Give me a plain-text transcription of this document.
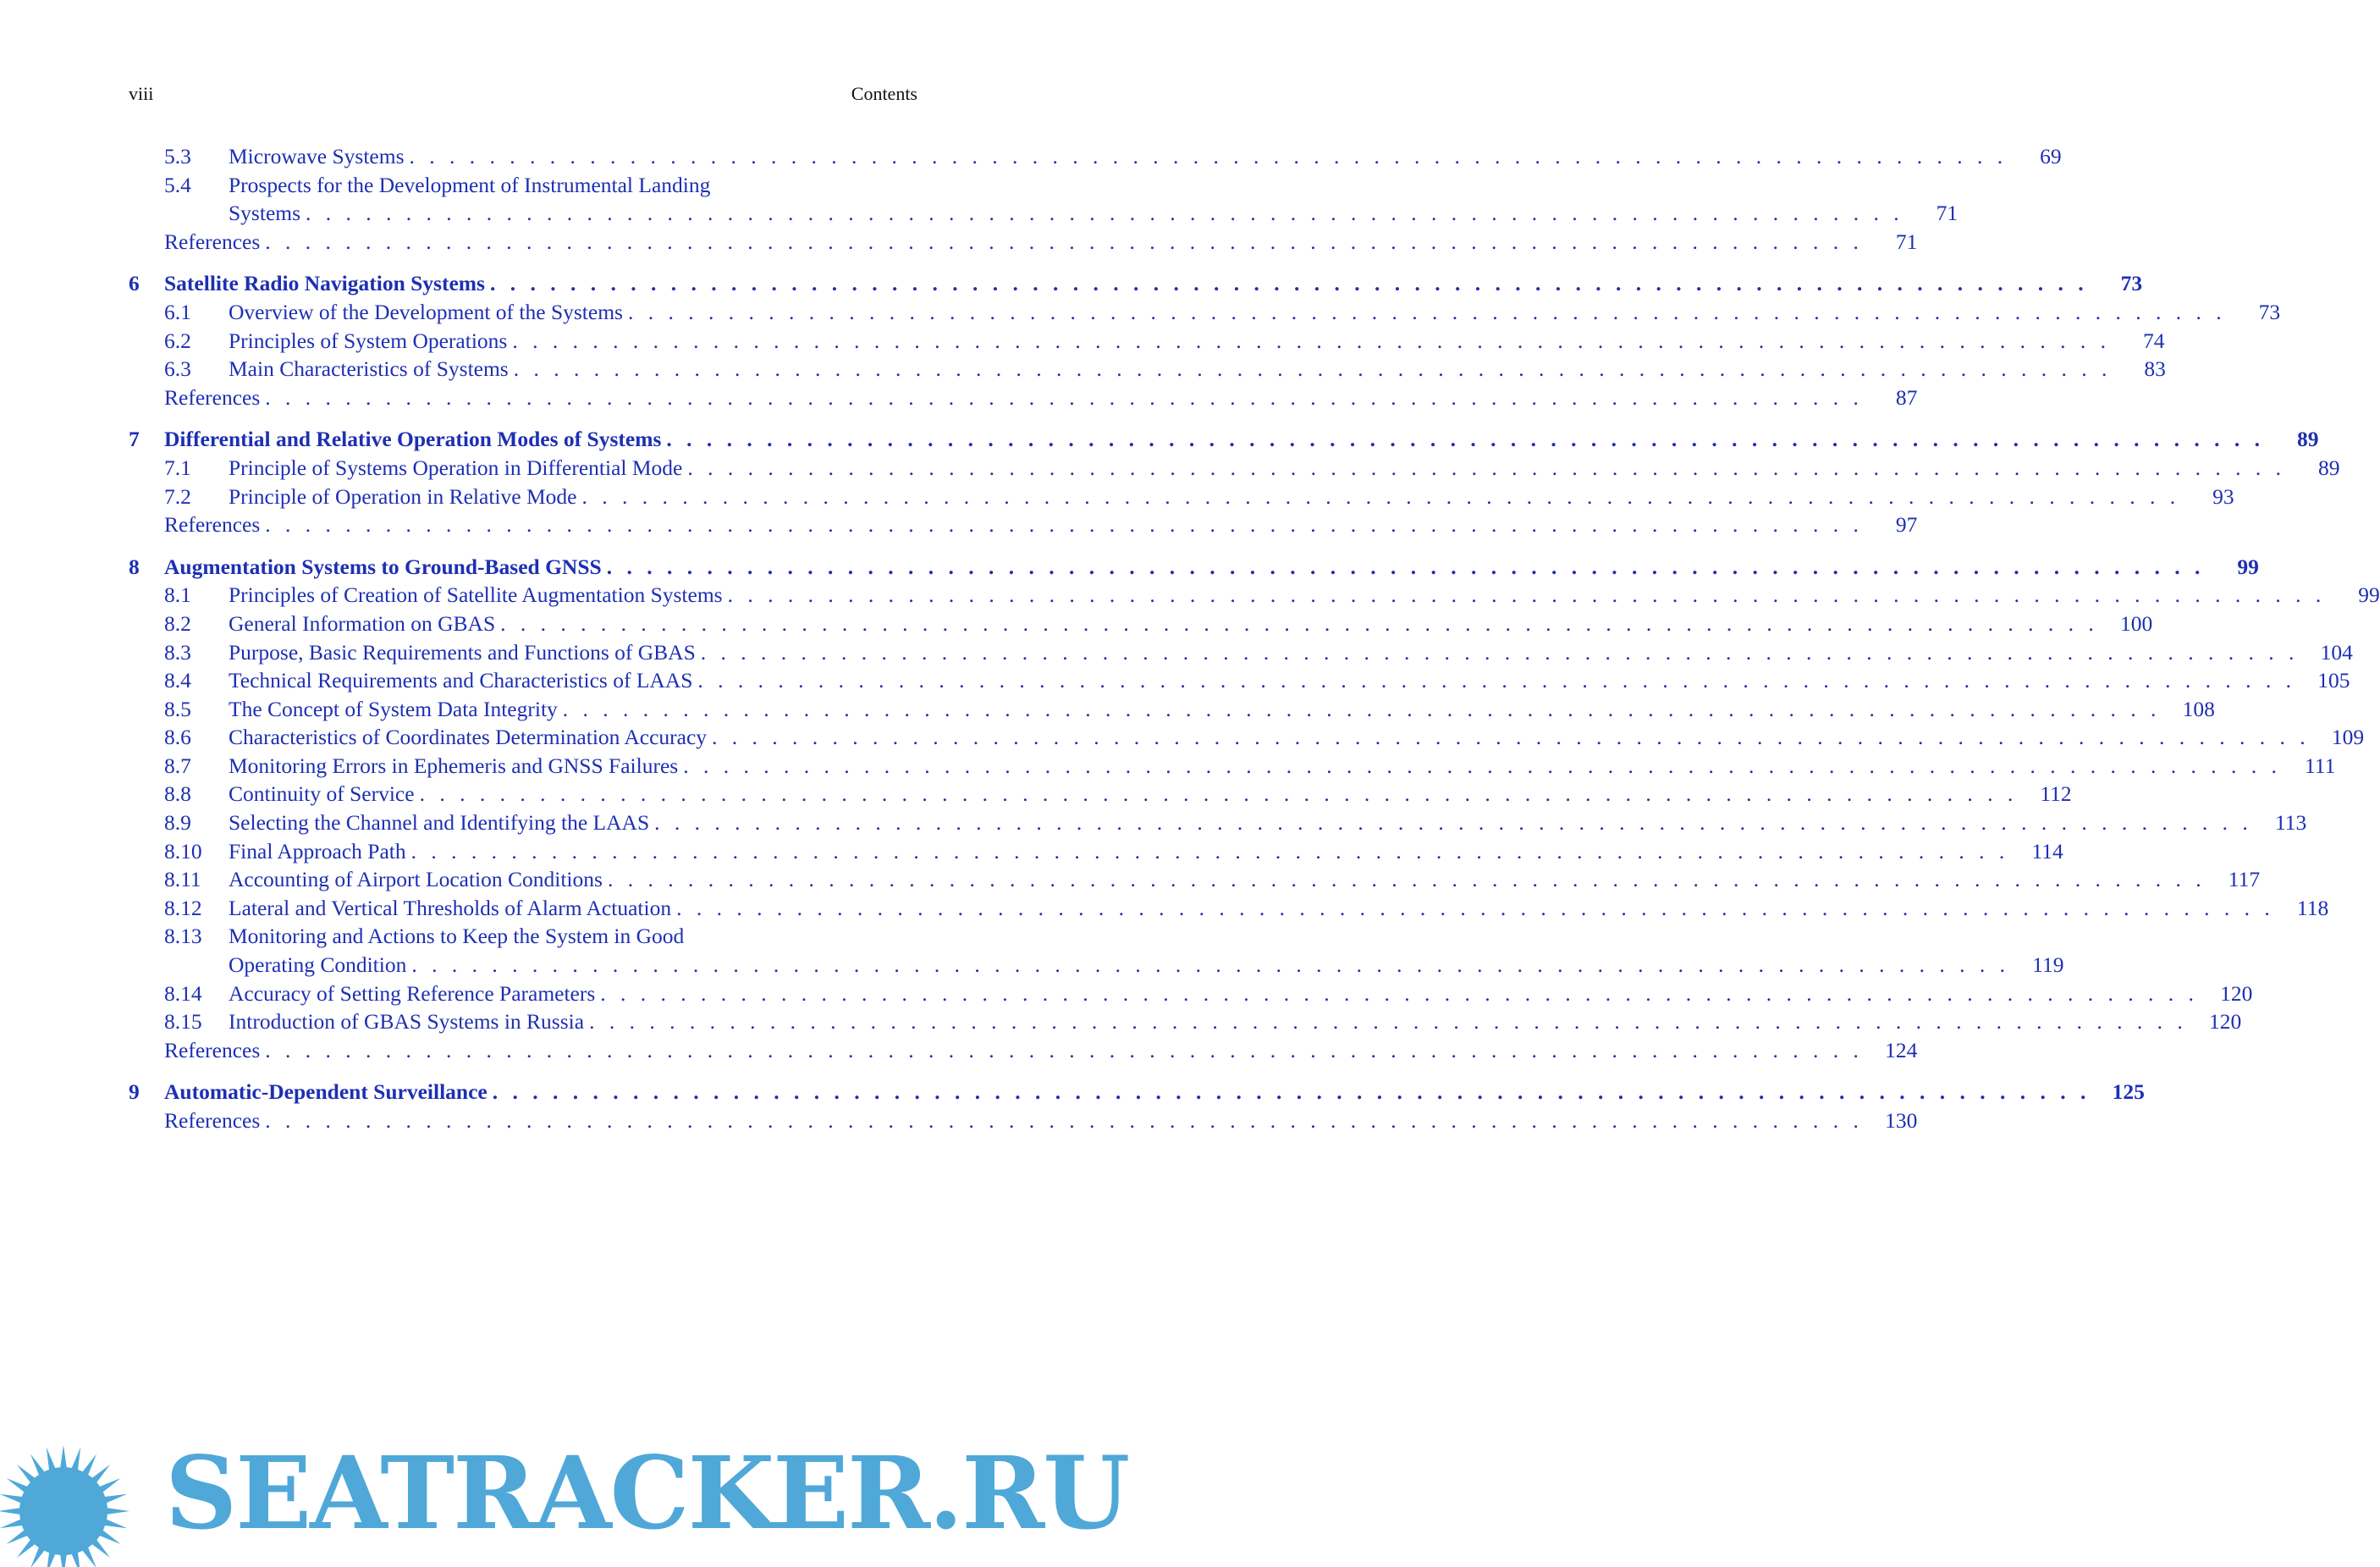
viii	Contents
5.3	Microwave Systems . . . . . . . . . . . . . . . . . . . . . . . . . . . . . . . . . . . . . . . . . . . . . . . . . . . . . . . . . . . . . . . . . . . . . . . . . . . . . . . .	69
5.4	Prospects for the Development of Instrumental Landing
Systems . . . . . . . . . . . . . . . . . . . . . . . . . . . . . . . . . . . . . . . . . . . . . . . . . . . . . . . . . . . . . . . . . . . . . . . . . . . . . . . .	71
References . . . . . . . . . . . . . . . . . . . . . . . . . . . . . . . . . . . . . . . . . . . . . . . . . . . . . . . . . . . . . . . . . . . . . . . . . . . . . . . .	71
6	Satellite Radio Navigation Systems . . . . . . . . . . . . . . . . . . . . . . . . . . . . . . . . . . . . . . . . . . . . . . . . . . . . . . . . . . . . . . . . . . . . . . . . . . . . . . . .	73
6.1	Overview of the Development of the Systems . . . . . . . . . . . . . . . . . . . . . . . . . . . . . . . . . . . . . . . . . . . . . . . . . . . . . . . . . . . . . . . . . . . . . . . . . . . . . . . .	73
6.2	Principles of System Operations . . . . . . . . . . . . . . . . . . . . . . . . . . . . . . . . . . . . . . . . . . . . . . . . . . . . . . . . . . . . . . . . . . . . . . . . . . . . . . . .	74
6.3	Main Characteristics of Systems . . . . . . . . . . . . . . . . . . . . . . . . . . . . . . . . . . . . . . . . . . . . . . . . . . . . . . . . . . . . . . . . . . . . . . . . . . . . . . . .	83
References . . . . . . . . . . . . . . . . . . . . . . . . . . . . . . . . . . . . . . . . . . . . . . . . . . . . . . . . . . . . . . . . . . . . . . . . . . . . . . . .	87
7	Differential and Relative Operation Modes of Systems . . . . . . . . . . . . . . . . . . . . . . . . . . . . . . . . . . . . . . . . . . . . . . . . . . . . . . . . . . . . . . . . . . . . . . . . . . . . . . . .	89
7.1	Principle of Systems Operation in Differential Mode . . . . . . . . . . . . . . . . . . . . . . . . . . . . . . . . . . . . . . . . . . . . . . . . . . . . . . . . . . . . . . . . . . . . . . . . . . . . . . . .	89
7.2	Principle of Operation in Relative Mode . . . . . . . . . . . . . . . . . . . . . . . . . . . . . . . . . . . . . . . . . . . . . . . . . . . . . . . . . . . . . . . . . . . . . . . . . . . . . . . .	93
References . . . . . . . . . . . . . . . . . . . . . . . . . . . . . . . . . . . . . . . . . . . . . . . . . . . . . . . . . . . . . . . . . . . . . . . . . . . . . . . .	97
8	Augmentation Systems to Ground-Based GNSS . . . . . . . . . . . . . . . . . . . . . . . . . . . . . . . . . . . . . . . . . . . . . . . . . . . . . . . . . . . . . . . . . . . . . . . . . . . . . . . .	99
8.1	Principles of Creation of Satellite Augmentation Systems . . . . . . . . . . . . . . . . . . . . . . . . . . . . . . . . . . . . . . . . . . . . . . . . . . . . . . . . . . . . . . . . . . . . . . . . . . . . . . . .	99
8.2	General Information on GBAS . . . . . . . . . . . . . . . . . . . . . . . . . . . . . . . . . . . . . . . . . . . . . . . . . . . . . . . . . . . . . . . . . . . . . . . . . . . . . . . . 100
8.3	Purpose, Basic Requirements and Functions of GBAS . . . . . . . . . . . . . . . . . . . . . . . . . . . . . . . . . . . . . . . . . . . . . . . . . . . . . . . . . . . . . . . . . . . . . . . . . . . . . . . . 104
8.4	Technical Requirements and Characteristics of LAAS . . . . . . . . . . . . . . . . . . . . . . . . . . . . . . . . . . . . . . . . . . . . . . . . . . . . . . . . . . . . . . . . . . . . . . . . . . . . . . . . 105
8.5	The Concept of System Data Integrity . . . . . . . . . . . . . . . . . . . . . . . . . . . . . . . . . . . . . . . . . . . . . . . . . . . . . . . . . . . . . . . . . . . . . . . . . . . . . . . . 108
8.6	Characteristics of Coordinates Determination Accuracy . . . . . . . . . . . . . . . . . . . . . . . . . . . . . . . . . . . . . . . . . . . . . . . . . . . . . . . . . . . . . . . . . . . . . . . . . . . . . . . . 109
8.7	Monitoring Errors in Ephemeris and GNSS Failures . . . . . . . . . . . . . . . . . . . . . . . . . . . . . . . . . . . . . . . . . . . . . . . . . . . . . . . . . . . . . . . . . . . . . . . . . . . . . . . . 111
8.8	Continuity of Service . . . . . . . . . . . . . . . . . . . . . . . . . . . . . . . . . . . . . . . . . . . . . . . . . . . . . . . . . . . . . . . . . . . . . . . . . . . . . . . . 112
8.9	Selecting the Channel and Identifying the LAAS . . . . . . . . . . . . . . . . . . . . . . . . . . . . . . . . . . . . . . . . . . . . . . . . . . . . . . . . . . . . . . . . . . . . . . . . . . . . . . . . 113
8.10	Final Approach Path . . . . . . . . . . . . . . . . . . . . . . . . . . . . . . . . . . . . . . . . . . . . . . . . . . . . . . . . . . . . . . . . . . . . . . . . . . . . . . . . 114
8.11	Accounting of Airport Location Conditions . . . . . . . . . . . . . . . . . . . . . . . . . . . . . . . . . . . . . . . . . . . . . . . . . . . . . . . . . . . . . . . . . . . . . . . . . . . . . . . . 117
8.12	Lateral and Vertical Thresholds of Alarm Actuation . . . . . . . . . . . . . . . . . . . . . . . . . . . . . . . . . . . . . . . . . . . . . . . . . . . . . . . . . . . . . . . . . . . . . . . . . . . . . . . . 118
8.13	Monitoring and Actions to Keep the System in Good
Operating Condition . . . . . . . . . . . . . . . . . . . . . . . . . . . . . . . . . . . . . . . . . . . . . . . . . . . . . . . . . . . . . . . . . . . . . . . . . . . . . . . . 119
8.14	Accuracy of Setting Reference Parameters . . . . . . . . . . . . . . . . . . . . . . . . . . . . . . . . . . . . . . . . . . . . . . . . . . . . . . . . . . . . . . . . . . . . . . . . . . . . . . . . 120
8.15	Introduction of GBAS Systems in Russia . . . . . . . . . . . . . . . . . . . . . . . . . . . . . . . . . . . . . . . . . . . . . . . . . . . . . . . . . . . . . . . . . . . . . . . . . . . . . . . . 120
References . . . . . . . . . . . . . . . . . . . . . . . . . . . . . . . . . . . . . . . . . . . . . . . . . . . . . . . . . . . . . . . . . . . . . . . . . . . . . . . . 124
9	Automatic-Dependent Surveillance . . . . . . . . . . . . . . . . . . . . . . . . . . . . . . . . . . . . . . . . . . . . . . . . . . . . . . . . . . . . . . . . . . . . . . . . . . . . . . . . 125
References . . . . . . . . . . . . . . . . . . . . . . . . . . . . . . . . . . . . . . . . . . . . . . . . . . . . . . . . . . . . . . . . . . . . . . . . . . . . . . . . 130
SEATRACKER.RU
